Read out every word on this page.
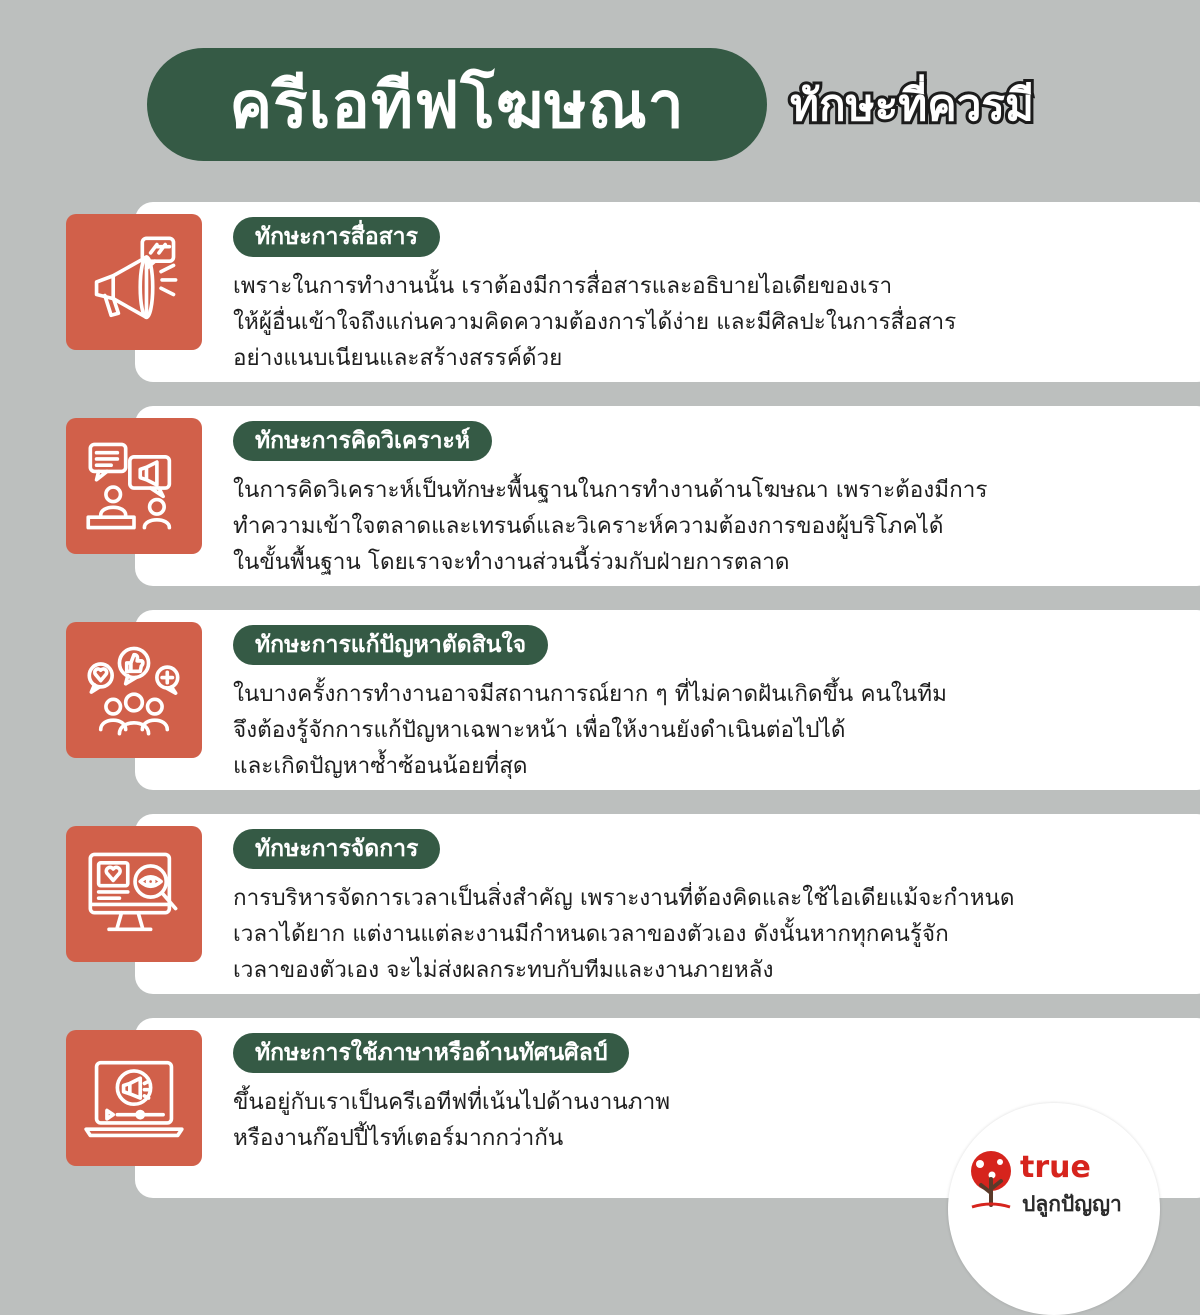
ครีเอทีฟโฆษณา	ทักษะที่ควรมี
ทักษะการสื่อสาร

เพราะในการทำงานนั้น เราต้องมีการสื่อสารและอธิบายไอเดียของเรา

ให้ผู้อื่นเข้าใจถึงแก่นความคิดความต้องการได้ง่าย และมีศิลปะในการสื่อสาร

อย่างแนบเนียนและสร้างสรรค์ด้วย

ทักษะการคิดวิเคราะห์

ในการคิดวิเคราะห์เป็นทักษะพื้นฐานในการทำงานด้านโฆษณา เพราะต้องมีการ

ทำความเข้าใจตลาดและเทรนด์และวิเคราะห์ความต้องการของผู้บริโภคได้

ในขั้นพื้นฐาน โดยเราจะทำงานส่วนนี้ร่วมกับฝ่ายการตลาด

ทักษะการแก้ปัญหาตัดสินใจ

ในบางครั้งการทำงานอาจมีสถานการณ์ยาก ๆ ที่ไม่คาดฝันเกิดขึ้น คนในทีม

จึงต้องรู้จักการแก้ปัญหาเฉพาะหน้า เพื่อให้งานยังดำเนินต่อไปได้

และเกิดปัญหาซ้ำซ้อนน้อยที่สุด

ทักษะการจัดการ

การบริหารจัดการเวลาเป็นสิ่งสำคัญ เพราะงานที่ต้องคิดและใช้ไอเดียแม้จะกำหนด

เวลาได้ยาก แต่งานแต่ละงานมีกำหนดเวลาของตัวเอง ดังนั้นหากทุกคนรู้จัก

เวลาของตัวเอง จะไม่ส่งผลกระทบกับทีมและงานภายหลัง

ทักษะการใช้ภาษาหรือด้านทัศนศิลป์

ขึ้นอยู่กับเราเป็นครีเอทีฟที่เน้นไปด้านงานภาพ

หรืองานก๊อปปี้ไรท์เตอร์มากกว่ากัน

true
ปลูกปัญญา
